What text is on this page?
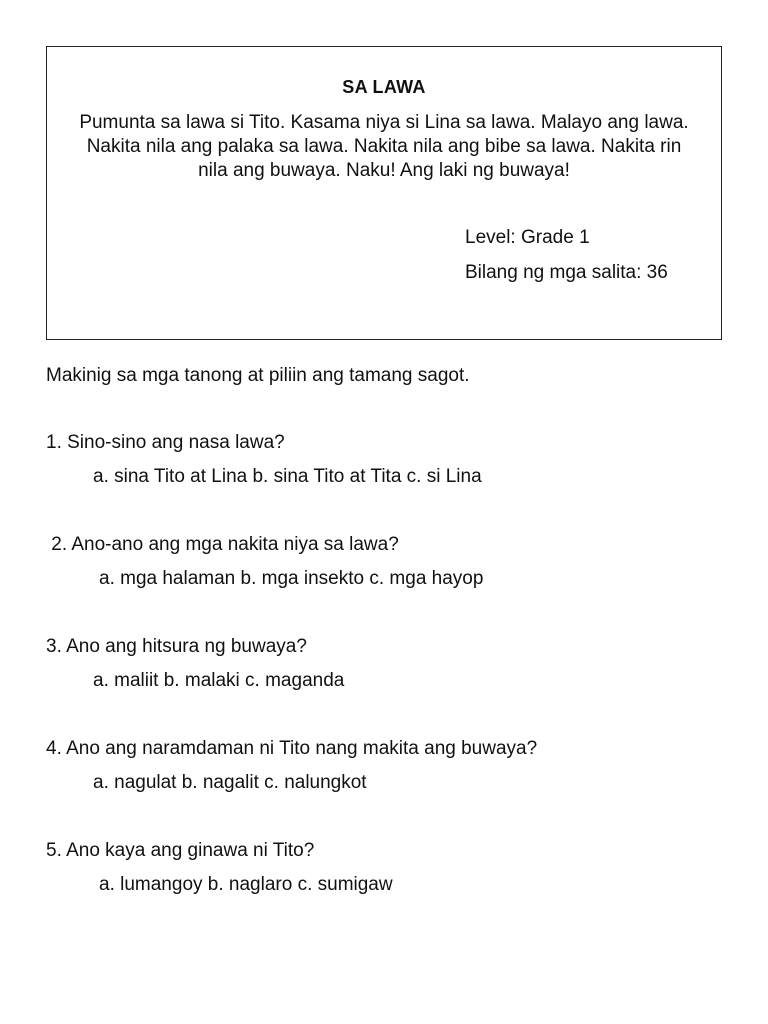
SA LAWA
Pumunta sa lawa si Tito. Kasama niya si Lina sa lawa. Malayo ang lawa.
Nakita nila ang palaka sa lawa. Nakita nila ang bibe sa lawa. Nakita rin
nila ang buwaya. Naku! Ang laki ng buwaya!
Level: Grade 1
Bilang ng mga salita: 36
Makinig sa mga tanong at piliin ang tamang sagot.
1. Sino-sino ang nasa lawa?
a. sina Tito at Lina b. sina Tito at Tita c. si Lina
2. Ano-ano ang mga nakita niya sa lawa?
a. mga halaman b. mga insekto c. mga hayop
3. Ano ang hitsura ng buwaya?
a. maliit b. malaki c. maganda
4. Ano ang naramdaman ni Tito nang makita ang buwaya?
a. nagulat b. nagalit c. nalungkot
5. Ano kaya ang ginawa ni Tito?
a. lumangoy b. naglaro c. sumigaw
